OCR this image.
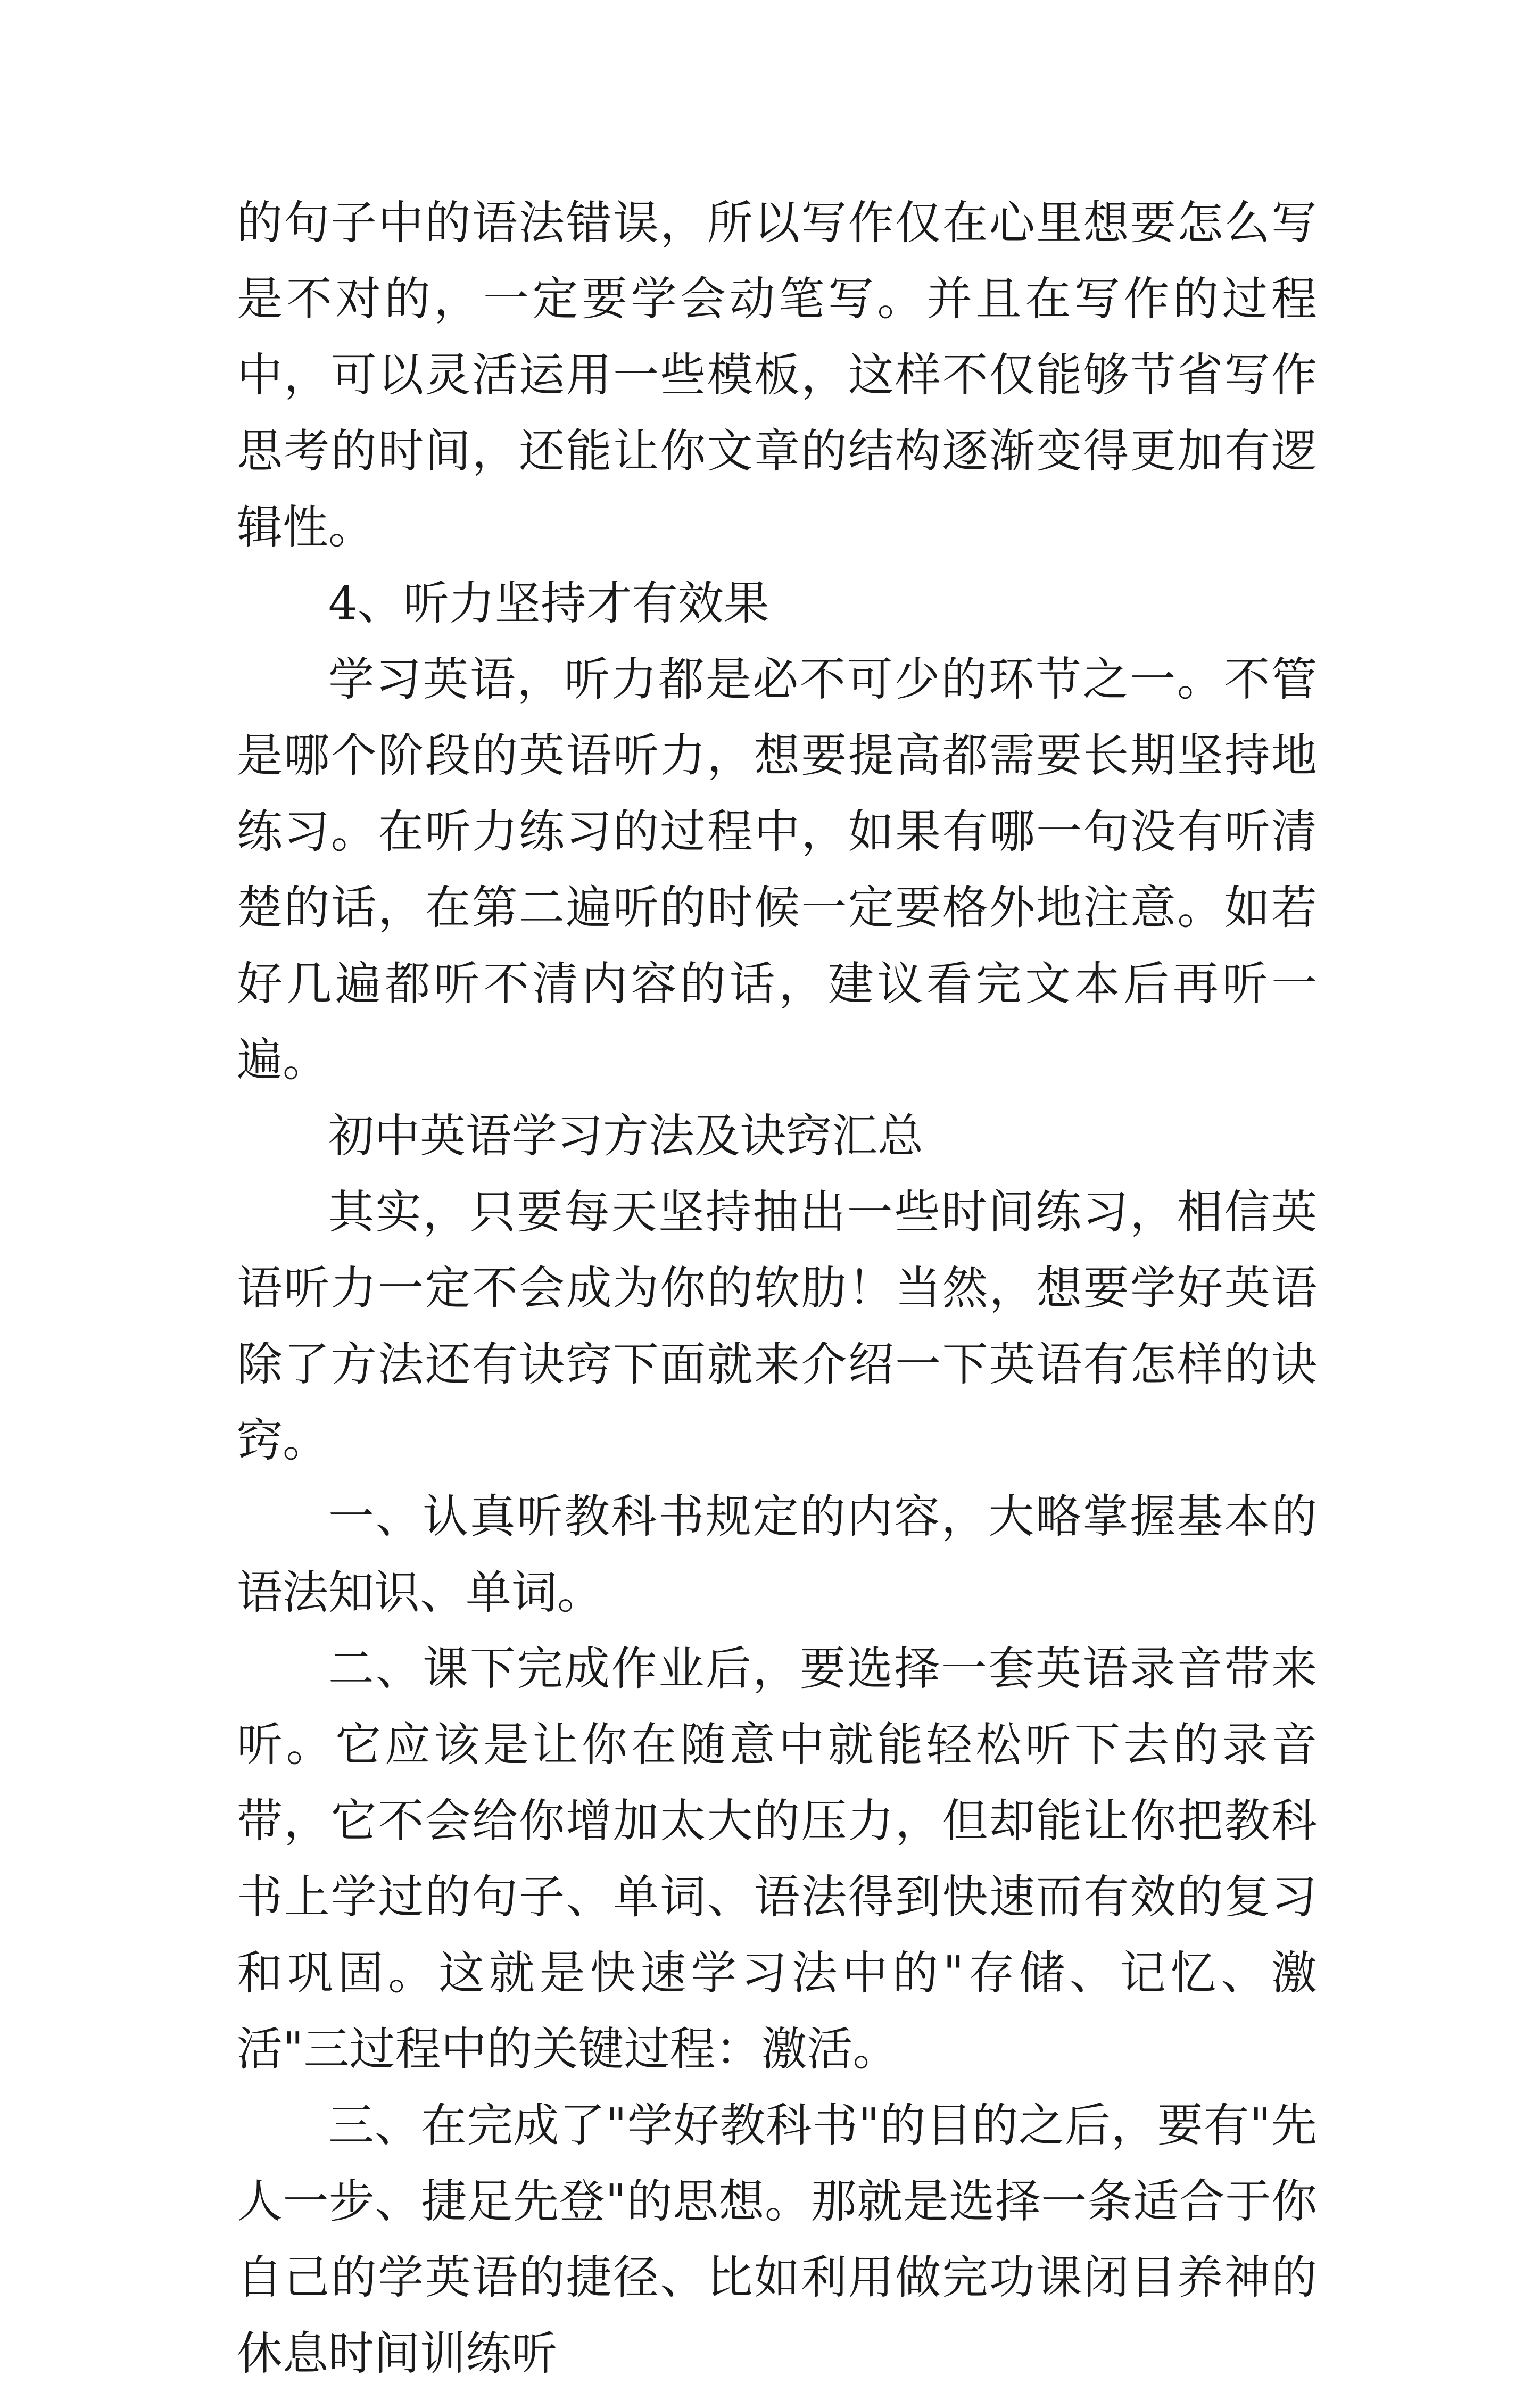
的句子中的语法错误，所以写作仅在心里想要怎么写是不对的，一定要学会动笔写。并且在写作的过程中，可以灵活运用一些模板，这样不仅能够节省写作思考的时间，还能让你文章的结构逐渐变得更加有逻辑性。

4、听力坚持才有效果

学习英语，听力都是必不可少的环节之一。不管是哪个阶段的英语听力，想要提高都需要长期坚持地练习。在听力练习的过程中，如果有哪一句没有听清楚的话，在第二遍听的时候一定要格外地注意。如若好几遍都听不清内容的话，建议看完文本后再听一遍。

初中英语学习方法及诀窍汇总

其实，只要每天坚持抽出一些时间练习，相信英语听力一定不会成为你的软肋！当然，想要学好英语除了方法还有诀窍下面就来介绍一下英语有怎样的诀窍。

一、认真听教科书规定的内容，大略掌握基本的语法知识、单词。

二、课下完成作业后，要选择一套英语录音带来听。它应该是让你在随意中就能轻松听下去的录音带，它不会给你增加太大的压力，但却能让你把教科书上学过的句子、单词、语法得到快速而有效的复习和巩固。这就是快速学习法中的"存储、记忆、激活"三过程中的关键过程：激活。

三、在完成了"学好教科书"的目的之后，要有"先人一步、捷足先登"的思想。那就是选择一条适合于你自己的学英语的捷径、比如利用做完功课闭目养神的休息时间训练听
